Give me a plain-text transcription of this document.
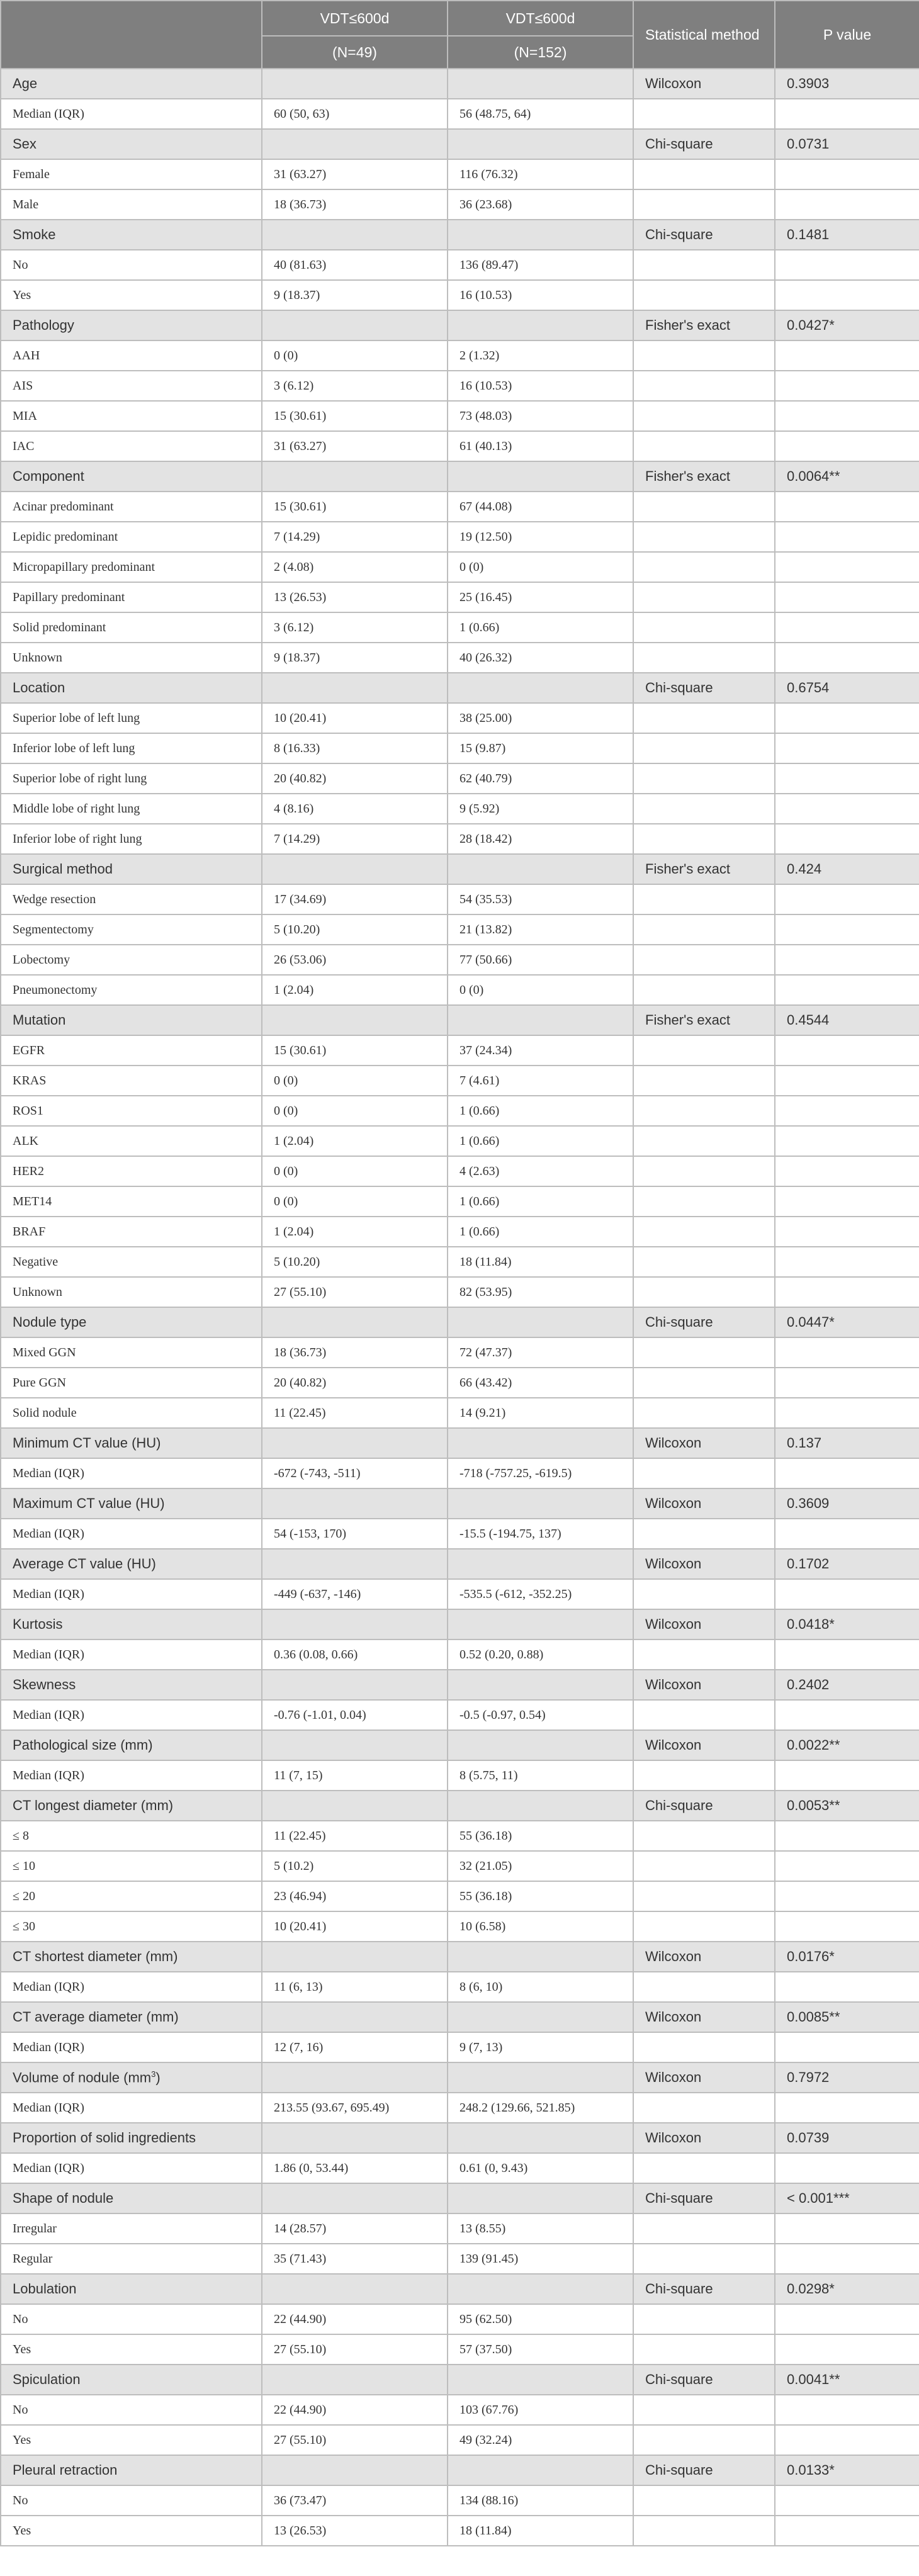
	VDT≤600d	VDT≤600d	Statistical method	P value
	(N=49)	(N=152)		
Age			Wilcoxon	0.3903
Median (IQR)	60 (50, 63)	56 (48.75, 64)		
Sex			Chi-square	0.0731
Female	31 (63.27)	116 (76.32)		
Male	18 (36.73)	36 (23.68)		
Smoke			Chi-square	0.1481
No	40 (81.63)	136 (89.47)		
Yes	9 (18.37)	16 (10.53)		
Pathology			Fisher's exact	0.0427*
AAH	0 (0)	2 (1.32)		
AIS	3 (6.12)	16 (10.53)		
MIA	15 (30.61)	73 (48.03)		
IAC	31 (63.27)	61 (40.13)		
Component			Fisher's exact	0.0064**
Acinar predominant	15 (30.61)	67 (44.08)		
Lepidic predominant	7 (14.29)	19 (12.50)		
Micropapillary predominant	2 (4.08)	0 (0)		
Papillary predominant	13 (26.53)	25 (16.45)		
Solid predominant	3 (6.12)	1 (0.66)		
Unknown	9 (18.37)	40 (26.32)		
Location			Chi-square	0.6754
Superior lobe of left lung	10 (20.41)	38 (25.00)		
Inferior lobe of left lung	8 (16.33)	15 (9.87)		
Superior lobe of right lung	20 (40.82)	62 (40.79)		
Middle lobe of right lung	4 (8.16)	9 (5.92)		
Inferior lobe of right lung	7 (14.29)	28 (18.42)		
Surgical method			Fisher's exact	0.424
Wedge resection	17 (34.69)	54 (35.53)		
Segmentectomy	5 (10.20)	21 (13.82)		
Lobectomy	26 (53.06)	77 (50.66)		
Pneumonectomy	1 (2.04)	0 (0)		
Mutation			Fisher's exact	0.4544
EGFR	15 (30.61)	37 (24.34)		
KRAS	0 (0)	7 (4.61)		
ROS1	0 (0)	1 (0.66)		
ALK	1 (2.04)	1 (0.66)		
HER2	0 (0)	4 (2.63)		
MET14	0 (0)	1 (0.66)		
BRAF	1 (2.04)	1 (0.66)		
Negative	5 (10.20)	18 (11.84)		
Unknown	27 (55.10)	82 (53.95)		
Nodule type			Chi-square	0.0447*
Mixed GGN	18 (36.73)	72 (47.37)		
Pure GGN	20 (40.82)	66 (43.42)		
Solid nodule	11 (22.45)	14 (9.21)		
Minimum CT value (HU)			Wilcoxon	0.137
Median (IQR)	-672 (-743, -511)	-718 (-757.25, -619.5)		
Maximum CT value (HU)			Wilcoxon	0.3609
Median (IQR)	54 (-153, 170)	-15.5 (-194.75, 137)		
Average CT value (HU)			Wilcoxon	0.1702
Median (IQR)	-449 (-637, -146)	-535.5 (-612, -352.25)		
Kurtosis			Wilcoxon	0.0418*
Median (IQR)	0.36 (0.08, 0.66)	0.52 (0.20, 0.88)		
Skewness			Wilcoxon	0.2402
Median (IQR)	-0.76 (-1.01, 0.04)	-0.5 (-0.97, 0.54)		
Pathological size (mm)			Wilcoxon	0.0022**
Median (IQR)	11 (7, 15)	8 (5.75, 11)		
CT longest diameter (mm)			Chi-square	0.0053**
≤ 8	11 (22.45)	55 (36.18)		
≤ 10	5 (10.2)	32 (21.05)		
≤ 20	23 (46.94)	55 (36.18)		
≤ 30	10 (20.41)	10 (6.58)		
CT shortest diameter (mm)			Wilcoxon	0.0176*
Median (IQR)	11 (6, 13)	8 (6, 10)		
CT average diameter (mm)			Wilcoxon	0.0085**
Median (IQR)	12 (7, 16)	9 (7, 13)		
Volume of nodule $(mm^3)$			Wilcoxon	0.7972
Median (IQR)	213.55 (93.67, 695.49)	248.2 (129.66, 521.85)		
Proportion of solid ingredients			Wilcoxon	0.0739
Median (IQR)	1.86 (0, 53.44)	0.61 (0, 9.43)		
Shape of nodule			Chi-square	< 0.001***
Irregular	14 (28.57)	13 (8.55)		
Regular	35 (71.43)	139 (91.45)		
Lobulation			Chi-square	0.0298*
No	22 (44.90)	95 (62.50)		
Yes	27 (55.10)	57 (37.50)		
Spiculation			Chi-square	0.0041**
No	22 (44.90)	103 (67.76)		
Yes	27 (55.10)	49 (32.24)		
Pleural retraction			Chi-square	0.0133*
No	36 (73.47)	134 (88.16)		
Yes	13 (26.53)	18 (11.84)		
